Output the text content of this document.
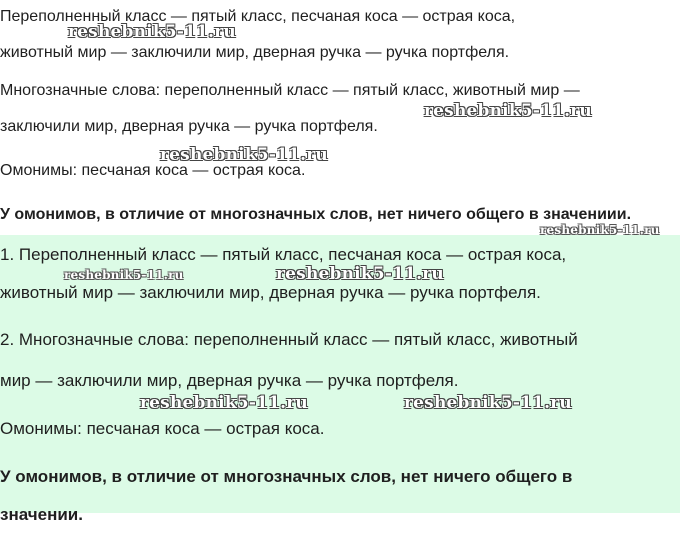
Переполненный класс — пятый класс, песчаная коса — острая коса,

животный мир — заключили мир, дверная ручка — ручка портфеля.

Многозначные слова: переполненный класс — пятый класс, животный мир —

заключили мир, дверная ручка — ручка портфеля.

Омонимы: песчаная коса — острая коса.

У омонимов, в отличие от многозначных слов, нет ничего общего в значениии.

1. Переполненный класс — пятый класс, песчаная коса — острая коса,

животный мир — заключили мир, дверная ручка — ручка портфеля.

2. Многозначные слова: переполненный класс — пятый класс, животный

мир — заключили мир, дверная ручка — ручка портфеля.

Омонимы: песчаная коса — острая коса.

У омонимов, в отличие от многозначных слов, нет ничего общего в

значении.
reshebnik5-11.ru
reshebnik5-11.ru
reshebnik5-11.ru
reshebnik5-11.ru
reshebnik5-11.ru	reshebnik5-11.ru
reshebnik5-11.ru	reshebnik5-11.ru
